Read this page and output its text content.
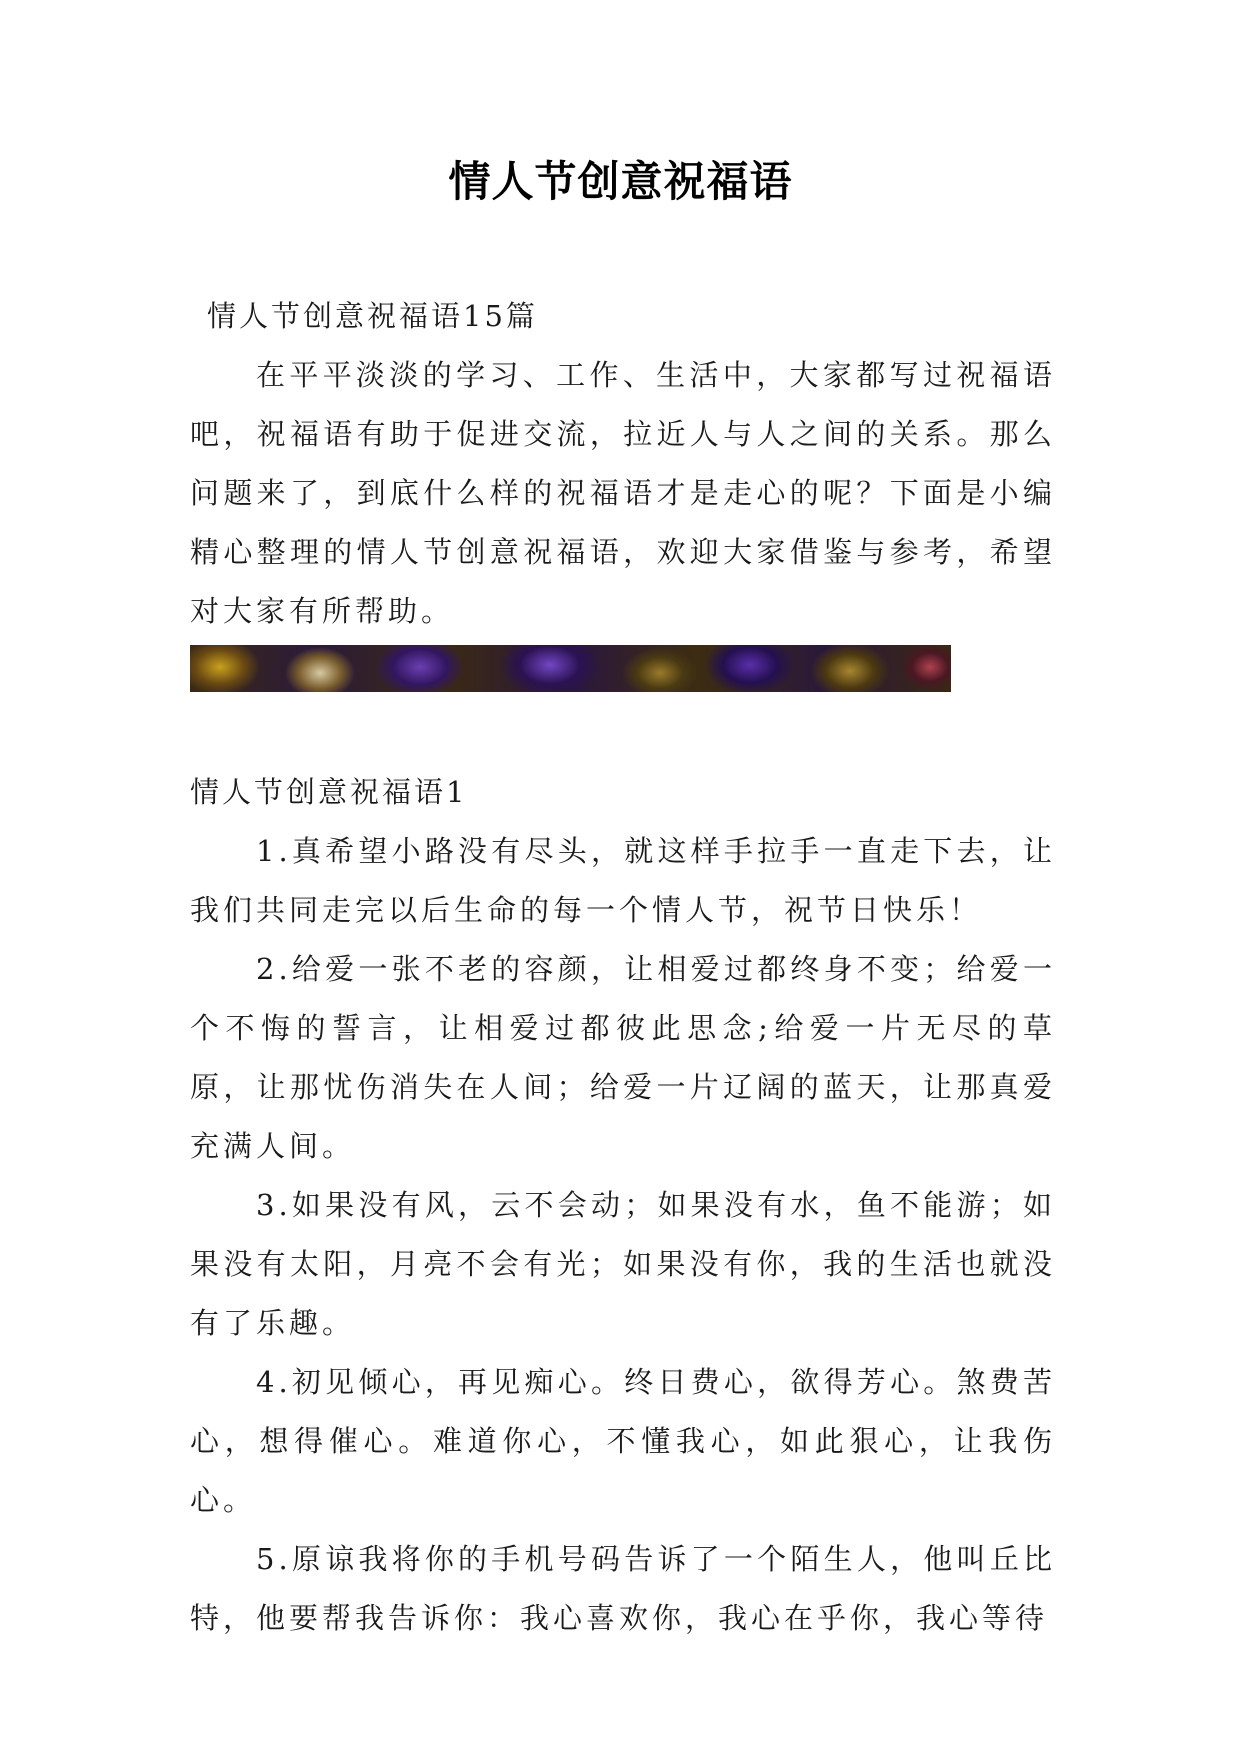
情人节创意祝福语
情人节创意祝福语15篇

在平平淡淡的学习、工作、生活中，大家都写过祝福语吧，祝福语有助于促进交流，拉近人与人之间的关系。那么问题来了，到底什么样的祝福语才是走心的呢？下面是小编精心整理的情人节创意祝福语，欢迎大家借鉴与参考，希望对大家有所帮助。

情人节创意祝福语1

1.真希望小路没有尽头，就这样手拉手一直走下去，让我们共同走完以后生命的每一个情人节，祝节日快乐！

2.给爱一张不老的容颜，让相爱过都终身不变；给爱一个不悔的誓言，让相爱过都彼此思念;给爱一片无尽的草原，让那忧伤消失在人间；给爱一片辽阔的蓝天，让那真爱充满人间。

3.如果没有风，云不会动；如果没有水，鱼不能游；如果没有太阳，月亮不会有光；如果没有你，我的生活也就没有了乐趣。

4.初见倾心，再见痴心。终日费心，欲得芳心。煞费苦心，想得催心。难道你心，不懂我心，如此狠心，让我伤心。

5.原谅我将你的手机号码告诉了一个陌生人，他叫丘比特，他要帮我告诉你：我心喜欢你，我心在乎你，我心等待
